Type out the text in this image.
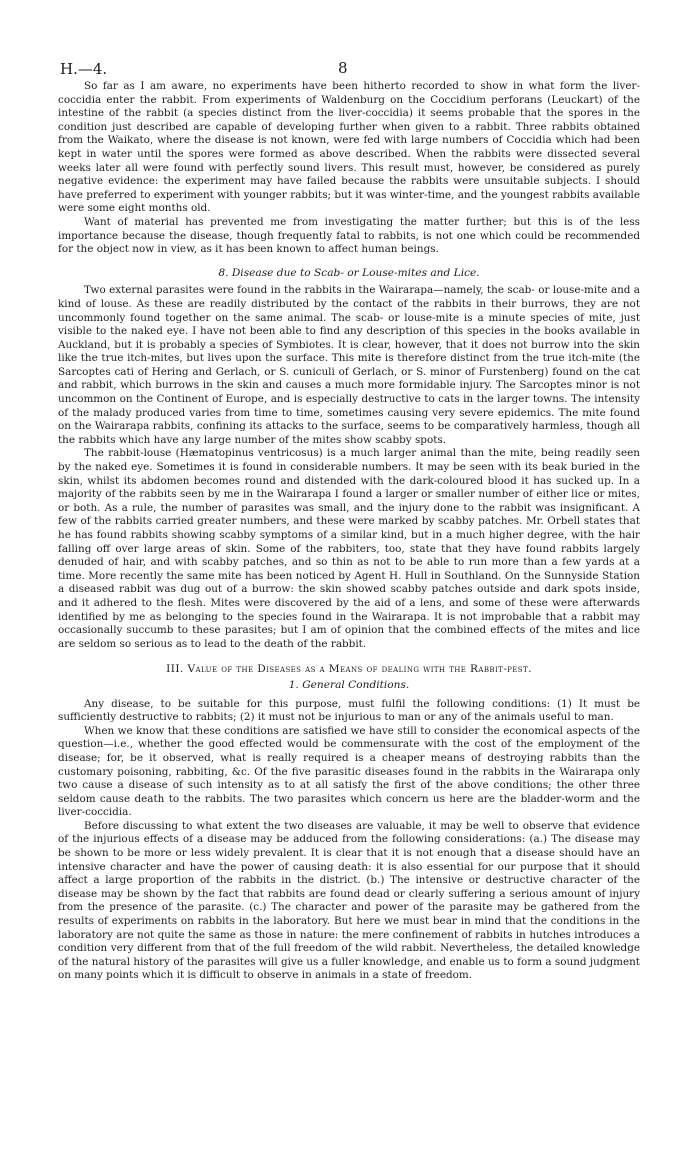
H.—4.	8

So far as I am aware, no experiments have been hitherto recorded to show in what form the liver-coccidia enter the rabbit. From experiments of Waldenburg on the Coccidium perforans (Leuckart) of the intestine of the rabbit (a species distinct from the liver-coccidia) it seems probable that the spores in the condition just described are capable of developing further when given to a rabbit. Three rabbits obtained from the Waikato, where the disease is not known, were fed with large numbers of Coccidia which had been kept in water until the spores were formed as above described. When the rabbits were dissected several weeks later all were found with perfectly sound livers. This result must, however, be considered as purely negative evidence: the experiment may have failed because the rabbits were unsuitable subjects. I should have preferred to experiment with younger rabbits; but it was winter-time, and the youngest rabbits available were some eight months old.

Want of material has prevented me from investigating the matter further; but this is of the less importance because the disease, though frequently fatal to rabbits, is not one which could be recommended for the object now in view, as it has been known to affect human beings.

8. Disease due to Scab- or Louse-mites and Lice.

Two external parasites were found in the rabbits in the Wairarapa—namely, the scab- or louse-mite and a kind of louse. As these are readily distributed by the contact of the rabbits in their burrows, they are not uncommonly found together on the same animal. The scab- or louse-mite is a minute species of mite, just visible to the naked eye. I have not been able to find any description of this species in the books available in Auckland, but it is probably a species of Symbiotes. It is clear, however, that it does not burrow into the skin like the true itch-mites, but lives upon the surface. This mite is therefore distinct from the true itch-mite (the Sarcoptes cati of Hering and Gerlach, or S. cuniculi of Gerlach, or S. minor of Furstenberg) found on the cat and rabbit, which burrows in the skin and causes a much more formidable injury. The Sarcoptes minor is not uncommon on the Continent of Europe, and is especially destructive to cats in the larger towns. The intensity of the malady produced varies from time to time, sometimes causing very severe epidemics. The mite found on the Wairarapa rabbits, confining its attacks to the surface, seems to be comparatively harmless, though all the rabbits which have any large number of the mites show scabby spots.

The rabbit-louse (Hæmatopinus ventricosus) is a much larger animal than the mite, being readily seen by the naked eye. Sometimes it is found in considerable numbers. It may be seen with its beak buried in the skin, whilst its abdomen becomes round and distended with the dark-coloured blood it has sucked up. In a majority of the rabbits seen by me in the Wairarapa I found a larger or smaller number of either lice or mites, or both. As a rule, the number of parasites was small, and the injury done to the rabbit was insignificant. A few of the rabbits carried greater numbers, and these were marked by scabby patches. Mr. Orbell states that he has found rabbits showing scabby symptoms of a similar kind, but in a much higher degree, with the hair falling off over large areas of skin. Some of the rabbiters, too, state that they have found rabbits largely denuded of hair, and with scabby patches, and so thin as not to be able to run more than a few yards at a time. More recently the same mite has been noticed by Agent H. Hull in Southland. On the Sunnyside Station a diseased rabbit was dug out of a burrow: the skin showed scabby patches outside and dark spots inside, and it adhered to the flesh. Mites were discovered by the aid of a lens, and some of these were afterwards identified by me as belonging to the species found in the Wairarapa. It is not improbable that a rabbit may occasionally succumb to these parasites; but I am of opinion that the combined effects of the mites and lice are seldom so serious as to lead to the death of the rabbit.

III. Value of the Diseases as a Means of dealing with the Rabbit-pest.
1. General Conditions.

Any disease, to be suitable for this purpose, must fulfil the following conditions: (1) It must be sufficiently destructive to rabbits; (2) it must not be injurious to man or any of the animals useful to man.

When we know that these conditions are satisfied we have still to consider the economical aspects of the question—i.e., whether the good effected would be commensurate with the cost of the employment of the disease; for, be it observed, what is really required is a cheaper means of destroying rabbits than the customary poisoning, rabbiting, &c. Of the five parasitic diseases found in the rabbits in the Wairarapa only two cause a disease of such intensity as to at all satisfy the first of the above conditions; the other three seldom cause death to the rabbits. The two parasites which concern us here are the bladder-worm and the liver-coccidia.

Before discussing to what extent the two diseases are valuable, it may be well to observe that evidence of the injurious effects of a disease may be adduced from the following considerations: (a.) The disease may be shown to be more or less widely prevalent. It is clear that it is not enough that a disease should have an intensive character and have the power of causing death: it is also essential for our purpose that it should affect a large proportion of the rabbits in the district. (b.) The intensive or destructive character of the disease may be shown by the fact that rabbits are found dead or clearly suffering a serious amount of injury from the presence of the parasite. (c.) The character and power of the parasite may be gathered from the results of experiments on rabbits in the laboratory. But here we must bear in mind that the conditions in the laboratory are not quite the same as those in nature: the mere confinement of rabbits in hutches introduces a condition very different from that of the full freedom of the wild rabbit. Nevertheless, the detailed knowledge of the natural history of the parasites will give us a fuller knowledge, and enable us to form a sound judgment on many points which it is difficult to observe in animals in a state of freedom.
